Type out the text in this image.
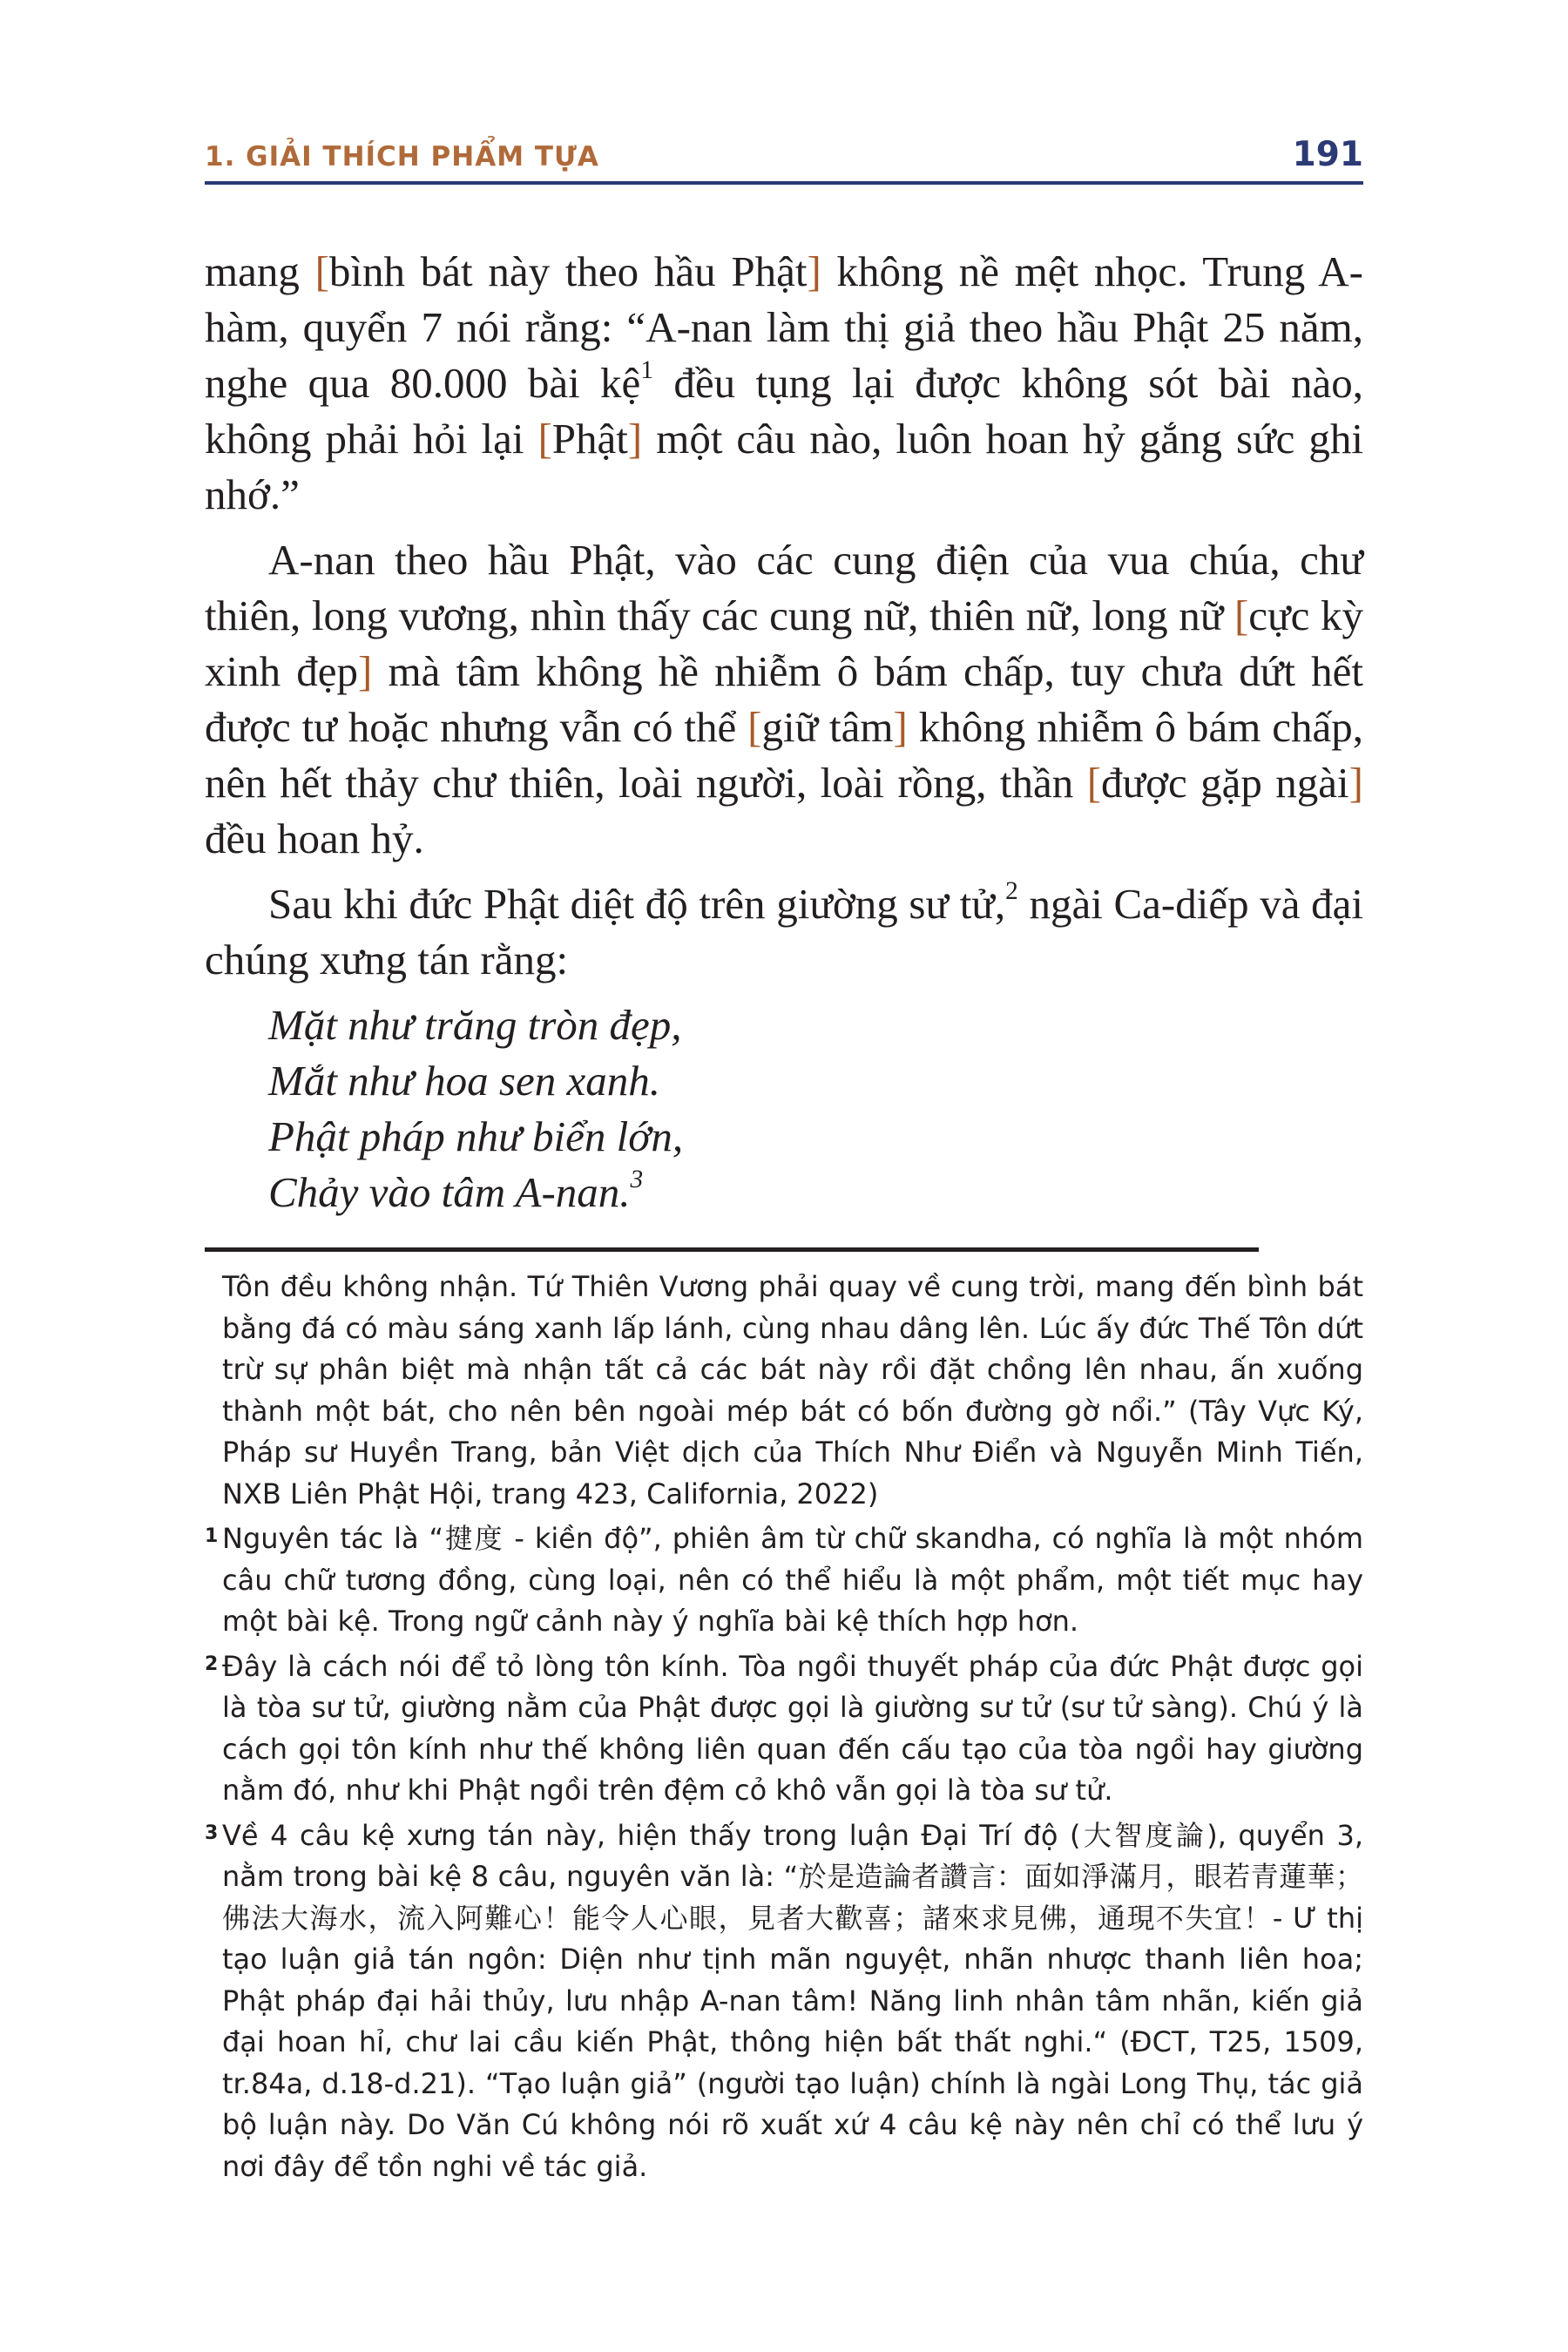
1. GIẢI THÍCH PHẨM TỰA	191

mang [bình bát này theo hầu Phật] không nề mệt nhọc. Trung A-hàm, quyển 7 nói rằng: “A-nan làm thị giả theo hầu Phật 25 năm, nghe qua 80.000 bài kệ$^1$ đều tụng lại được không sót bài nào, không phải hỏi lại [Phật] một câu nào, luôn hoan hỷ gắng sức ghi nhớ.”

A-nan theo hầu Phật, vào các cung điện của vua chúa, chư thiên, long vương, nhìn thấy các cung nữ, thiên nữ, long nữ [cực kỳ xinh đẹp] mà tâm không hề nhiễm ô bám chấp, tuy chưa dứt hết được tư hoặc nhưng vẫn có thể [giữ tâm] không nhiễm ô bám chấp, nên hết thảy chư thiên, loài người, loài rồng, thần [được gặp ngài] đều hoan hỷ.

Sau khi đức Phật diệt độ trên giường sư tử,$^2$ ngài Ca-diếp và đại chúng xưng tán rằng:

Mặt như trăng tròn đẹp,
Mắt như hoa sen xanh.
Phật pháp như biển lớn,
Chảy vào tâm A-nan.$^3$
Tôn đều không nhận. Tứ Thiên Vương phải quay về cung trời, mang đến bình bát bằng đá có màu sáng xanh lấp lánh, cùng nhau dâng lên. Lúc ấy đức Thế Tôn dứt trừ sự phân biệt mà nhận tất cả các bát này rồi đặt chồng lên nhau, ấn xuống thành một bát, cho nên bên ngoài mép bát có bốn đường gờ nổi.” (Tây Vực Ký, Pháp sư Huyền Trang, bản Việt dịch của Thích Như Điển và Nguyễn Minh Tiến, NXB Liên Phật Hội, trang 423, California, 2022)
1 Nguyên tác là “揵度 - kiền độ”, phiên âm từ chữ skandha, có nghĩa là một nhóm câu chữ tương đồng, cùng loại, nên có thể hiểu là một phẩm, một tiết mục hay một bài kệ. Trong ngữ cảnh này ý nghĩa bài kệ thích hợp hơn.
2 Đây là cách nói để tỏ lòng tôn kính. Tòa ngồi thuyết pháp của đức Phật được gọi là tòa sư tử, giường nằm của Phật được gọi là giường sư tử (sư tử sàng). Chú ý là cách gọi tôn kính như thế không liên quan đến cấu tạo của tòa ngồi hay giường nằm đó, như khi Phật ngồi trên đệm cỏ khô vẫn gọi là tòa sư tử.
3 Về 4 câu kệ xưng tán này, hiện thấy trong luận Đại Trí độ (大智度論), quyển 3, nằm trong bài kệ 8 câu, nguyên văn là: “於是造論者讚言：面如淨滿月，眼若青蓮華；佛法大海水，流入阿難心！能令人心眼，見者大歡喜；諸來求見佛，通現不失宜！- Ư thị tạo luận giả tán ngôn: Diện như tịnh mãn nguyệt, nhãn nhược thanh liên hoa; Phật pháp đại hải thủy, lưu nhập A-nan tâm! Năng linh nhân tâm nhãn, kiến giả đại hoan hỉ, chư lai cầu kiến Phật, thông hiện bất thất nghi.“ (ĐCT, T25, 1509, tr.84a, d.18-d.21). “Tạo luận giả” (người tạo luận) chính là ngài Long Thụ, tác giả bộ luận này. Do Văn Cú không nói rõ xuất xứ 4 câu kệ này nên chỉ có thể lưu ý nơi đây để tồn nghi về tác giả.
